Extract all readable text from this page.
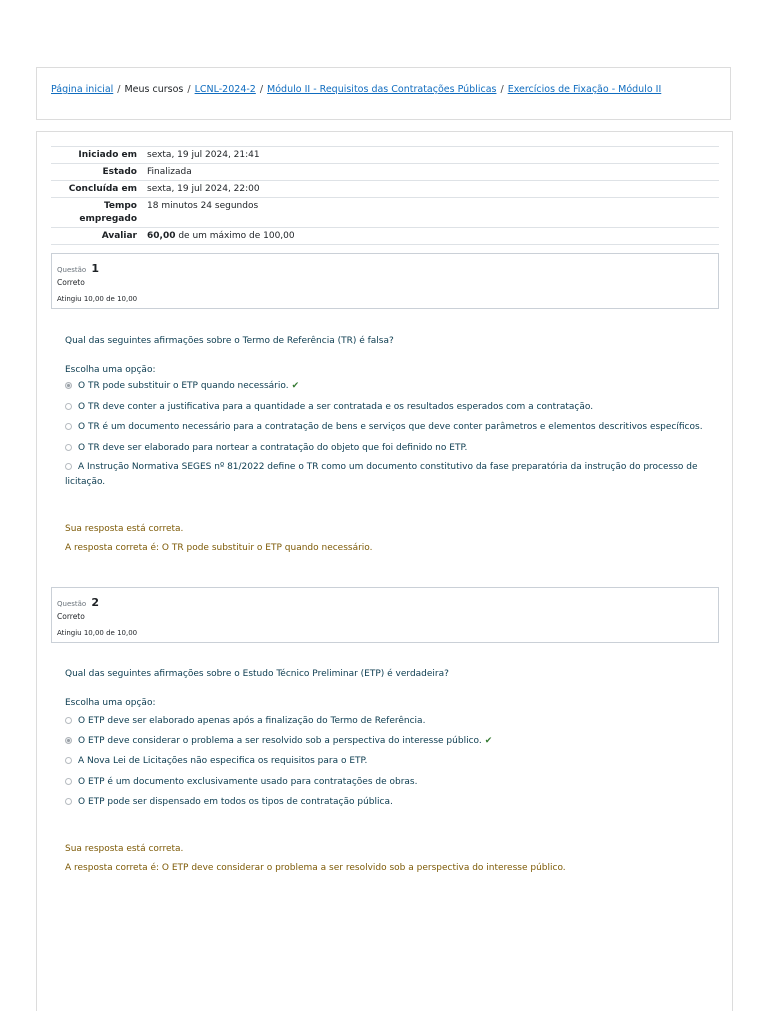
Página inicial / Meus cursos / LCNL-2024-2 / Módulo II - Requisitos das Contratações Públicas / Exercícios de Fixação - Módulo II
Iniciado em	sexta, 19 jul 2024, 21:41
Estado	Finalizada
Concluída em	sexta, 19 jul 2024, 22:00
Tempo
empregado	18 minutos 24 segundos
Avaliar	60,00 de um máximo de 100,00
Questão 1
Correto
Atingiu 10,00 de 10,00
Qual das seguintes afirmações sobre o Termo de Referência (TR) é falsa?
Escolha uma opção:
O TR pode substituir o ETP quando necessário. ✔
O TR deve conter a justificativa para a quantidade a ser contratada e os resultados esperados com a contratação.
O TR é um documento necessário para a contratação de bens e serviços que deve conter parâmetros e elementos descritivos específicos.
O TR deve ser elaborado para nortear a contratação do objeto que foi definido no ETP.
A Instrução Normativa SEGES nº 81/2022 define o TR como um documento constitutivo da fase preparatória da instrução do processo de licitação.
Sua resposta está correta.
A resposta correta é: O TR pode substituir o ETP quando necessário.
Questão 2
Correto
Atingiu 10,00 de 10,00
Qual das seguintes afirmações sobre o Estudo Técnico Preliminar (ETP) é verdadeira?
Escolha uma opção:
O ETP deve ser elaborado apenas após a finalização do Termo de Referência.
O ETP deve considerar o problema a ser resolvido sob a perspectiva do interesse público. ✔
A Nova Lei de Licitações não especifica os requisitos para o ETP.
O ETP é um documento exclusivamente usado para contratações de obras.
O ETP pode ser dispensado em todos os tipos de contratação pública.
Sua resposta está correta.
A resposta correta é: O ETP deve considerar o problema a ser resolvido sob a perspectiva do interesse público.
